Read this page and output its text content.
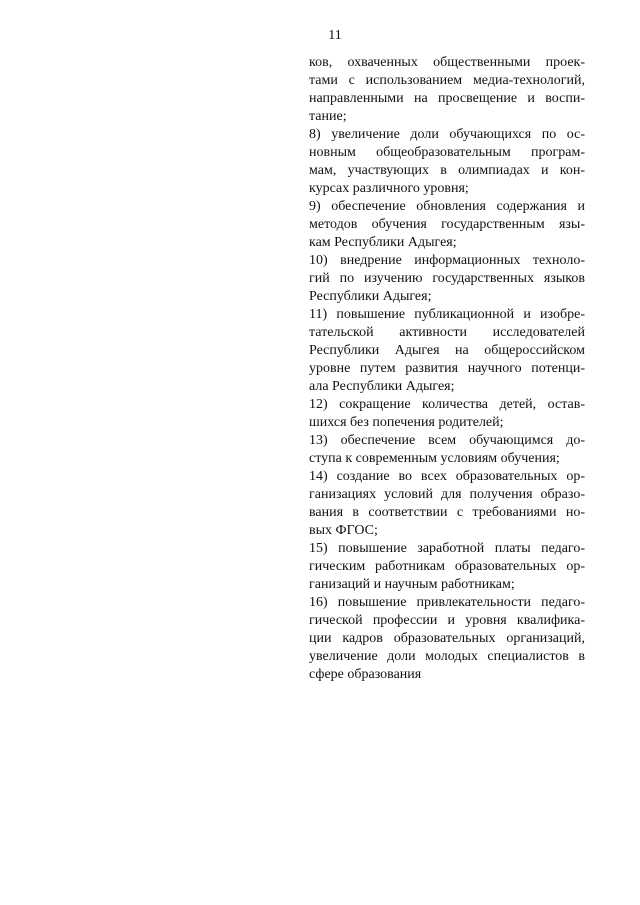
11

ков, охваченных общественными проек-
тами с использованием медиа-технологий,
направленными на просвещение и воспи-
тание;

8) увеличение доли обучающихся по ос-
новным общеобразовательным програм-
мам, участвующих в олимпиадах и кон-
курсах различного уровня;

9) обеспечение обновления содержания и
методов обучения государственным язы-
кам Республики Адыгея;

10) внедрение информационных техноло-
гий по изучению государственных языков
Республики Адыгея;

11) повышение публикационной и изобре-
тательской активности исследователей
Республики Адыгея на общероссийском
уровне путем развития научного потенци-
ала Республики Адыгея;

12) сокращение количества детей, остав-
шихся без попечения родителей;

13) обеспечение всем обучающимся до-
ступа к современным условиям обучения;

14) создание во всех образовательных ор-
ганизациях условий для получения образо-
вания в соответствии с требованиями но-
вых ФГОС;

15) повышение заработной платы педаго-
гическим работникам образовательных ор-
ганизаций и научным работникам;

16) повышение привлекательности педаго-
гической профессии и уровня квалифика-
ции кадров образовательных организаций,
увеличение доли молодых специалистов в
сфере образования
